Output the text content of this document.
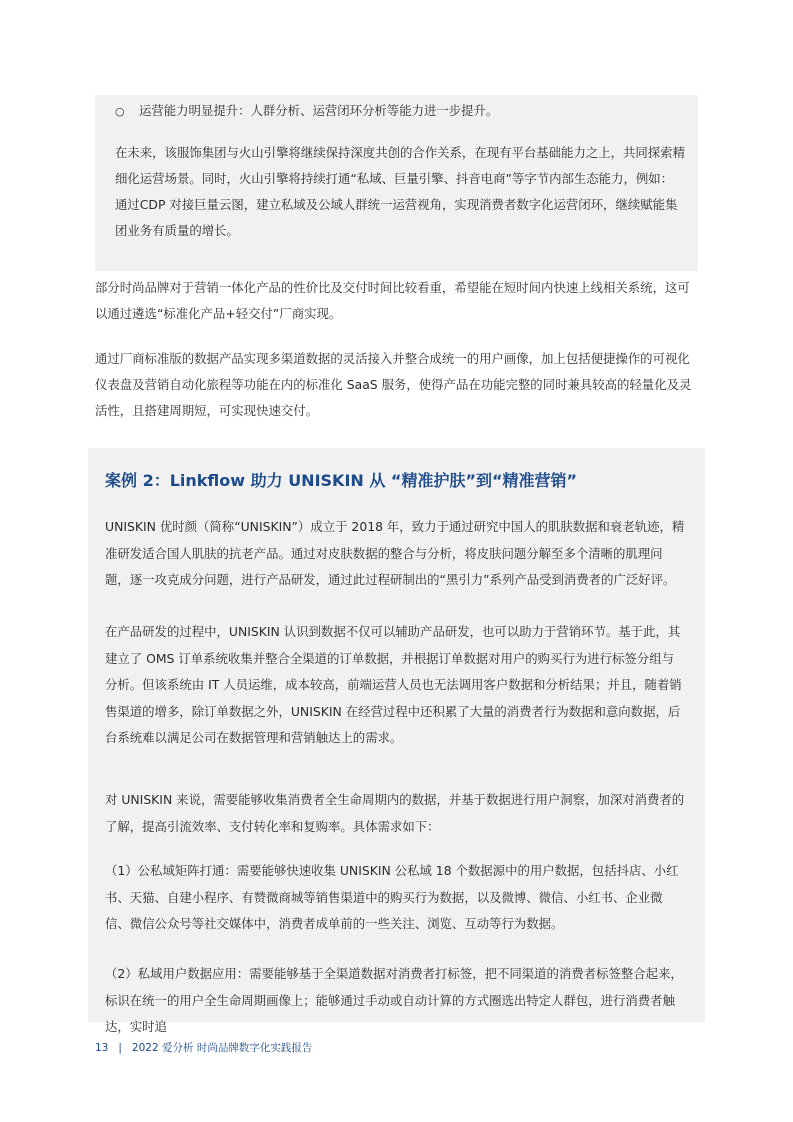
○ 运营能力明显提升：人群分析、运营闭环分析等能力进一步提升。

在未来，该服饰集团与火山引擎将继续保持深度共创的合作关系，在现有平台基础能力之上，共同探索精细化运营场景。同时，火山引擎将持续打通“私域、巨量引擎、抖音电商”等字节内部生态能力，例如：通过CDP 对接巨量云图，建立私域及公域人群统一运营视角，实现消费者数字化运营闭环，继续赋能集团业务有质量的增长。

部分时尚品牌对于营销一体化产品的性价比及交付时间比较看重，希望能在短时间内快速上线相关系统，这可以通过遴选“标准化产品+轻交付”厂商实现。

通过厂商标准版的数据产品实现多渠道数据的灵活接入并整合成统一的用户画像，加上包括便捷操作的可视化仪表盘及营销自动化旅程等功能在内的标准化 SaaS 服务，使得产品在功能完整的同时兼具较高的轻量化及灵活性，且搭建周期短，可实现快速交付。

案例 2：Linkflow 助力 UNISKIN 从 “精准护肤”到“精准营销”

UNISKIN 优时颜（简称“UNISKIN”）成立于 2018 年，致力于通过研究中国人的肌肤数据和衰老轨迹，精准研发适合国人肌肤的抗老产品。通过对皮肤数据的整合与分析，将皮肤问题分解至多个清晰的肌理问题，逐一攻克成分问题，进行产品研发，通过此过程研制出的“黑引力”系列产品受到消费者的广泛好评。

在产品研发的过程中，UNISKIN 认识到数据不仅可以辅助产品研发，也可以助力于营销环节。基于此，其建立了 OMS 订单系统收集并整合全渠道的订单数据，并根据订单数据对用户的购买行为进行标签分组与分析。但该系统由 IT 人员运维，成本较高，前端运营人员也无法调用客户数据和分析结果；并且，随着销售渠道的增多，除订单数据之外，UNISKIN 在经营过程中还积累了大量的消费者行为数据和意向数据，后台系统难以满足公司在数据管理和营销触达上的需求。

对 UNISKIN 来说，需要能够收集消费者全生命周期内的数据，并基于数据进行用户洞察，加深对消费者的了解，提高引流效率、支付转化率和复购率。具体需求如下：

（1）公私域矩阵打通：需要能够快速收集 UNISKIN 公私域 18 个数据源中的用户数据，包括抖店、小红书、天猫、自建小程序、有赞微商城等销售渠道中的购买行为数据，以及微博、微信、小红书、企业微信、微信公众号等社交媒体中，消费者成单前的一些关注、浏览、互动等行为数据。

（2）私域用户数据应用：需要能够基于全渠道数据对消费者打标签，把不同渠道的消费者标签整合起来，标识在统一的用户全生命周期画像上；能够通过手动或自动计算的方式圈选出特定人群包，进行消费者触达，实时追

13 | 2022 爱分析 时尚品牌数字化实践报告
